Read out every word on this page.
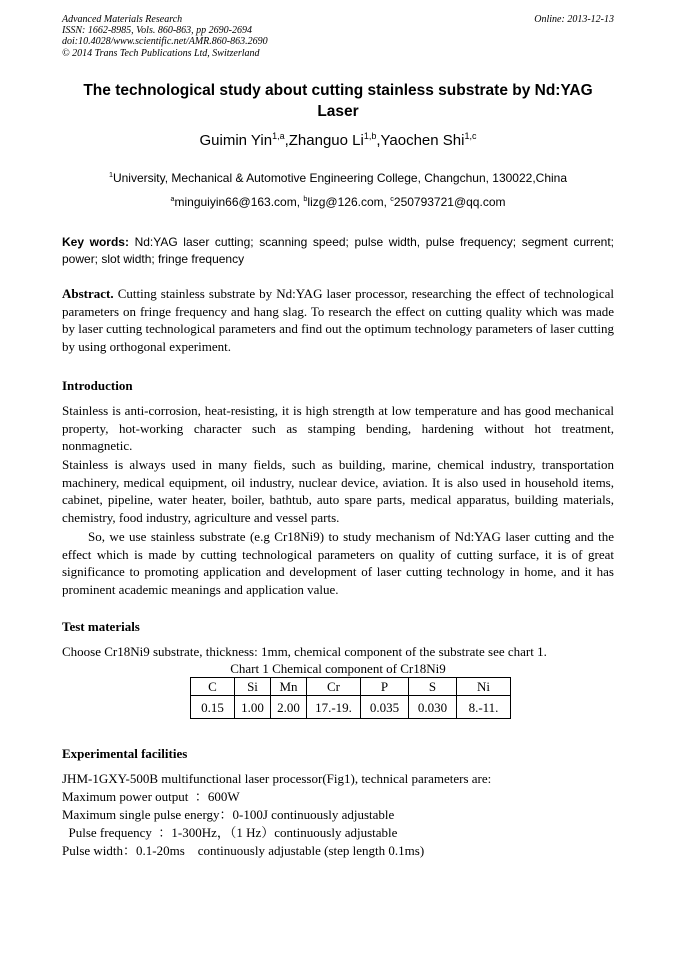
Advanced Materials Research
ISSN: 1662-8985, Vols. 860-863, pp 2690-2694
doi:10.4028/www.scientific.net/AMR.860-863.2690
© 2014 Trans Tech Publications Ltd, Switzerland
Online: 2013-12-13
The technological study about cutting stainless substrate by Nd:YAG
Laser
Guimin Yin$^{1,a}$,Zhanguo Li$^{1,b}$,Yaochen Shi$^{1,c}$
$^1$University, Mechanical & Automotive Engineering College, Changchun, 130022,China
$^a$minguiyin66@163.com, $^b$lizg@126.com, $^c$250793721@qq.com
Key words: Nd:YAG laser cutting; scanning speed; pulse width, pulse frequency; segment current; power; slot width; fringe frequency
Abstract. Cutting stainless substrate by Nd:YAG laser processor, researching the effect of technological parameters on fringe frequency and hang slag. To research the effect on cutting quality which was made by laser cutting technological parameters and find out the optimum technology parameters of laser cutting by using orthogonal experiment.
Introduction

Stainless is anti-corrosion, heat-resisting, it is high strength at low temperature and has good mechanical property, hot-working character such as stamping bending, hardening without hot treatment, nonmagnetic.

Stainless is always used in many fields, such as building, marine, chemical industry, transportation machinery, medical equipment, oil industry, nuclear device, aviation. It is also used in household items, cabinet, pipeline, water heater, boiler, bathtub, auto spare parts, medical apparatus, building materials, chemistry, food industry, agriculture and vessel parts.

So, we use stainless substrate (e.g Cr18Ni9) to study mechanism of Nd:YAG laser cutting and the effect which is made by cutting technological parameters on quality of cutting surface, it is of great significance to promoting application and development of laser cutting technology in home, and it has prominent academic meanings and application value.

Test materials

Choose Cr18Ni9 substrate, thickness: 1mm, chemical component of the substrate see chart 1.

Chart 1 Chemical component of Cr18Ni9
C	Si	Mn	Cr	P	S	Ni
0.15	1.00	2.00	17.-19.	0.035	0.030	8.-11.
Experimental facilities
JHM-1GXY-500B multifunctional laser processor(Fig1), technical parameters are:
Maximum power output  ：600W
Maximum single pulse energy：0-100J continuously adjustable
Pulse frequency  ：1-300Hz，（1 Hz）continuously adjustable
Pulse width：0.1-20ms    continuously adjustable (step length 0.1ms)
